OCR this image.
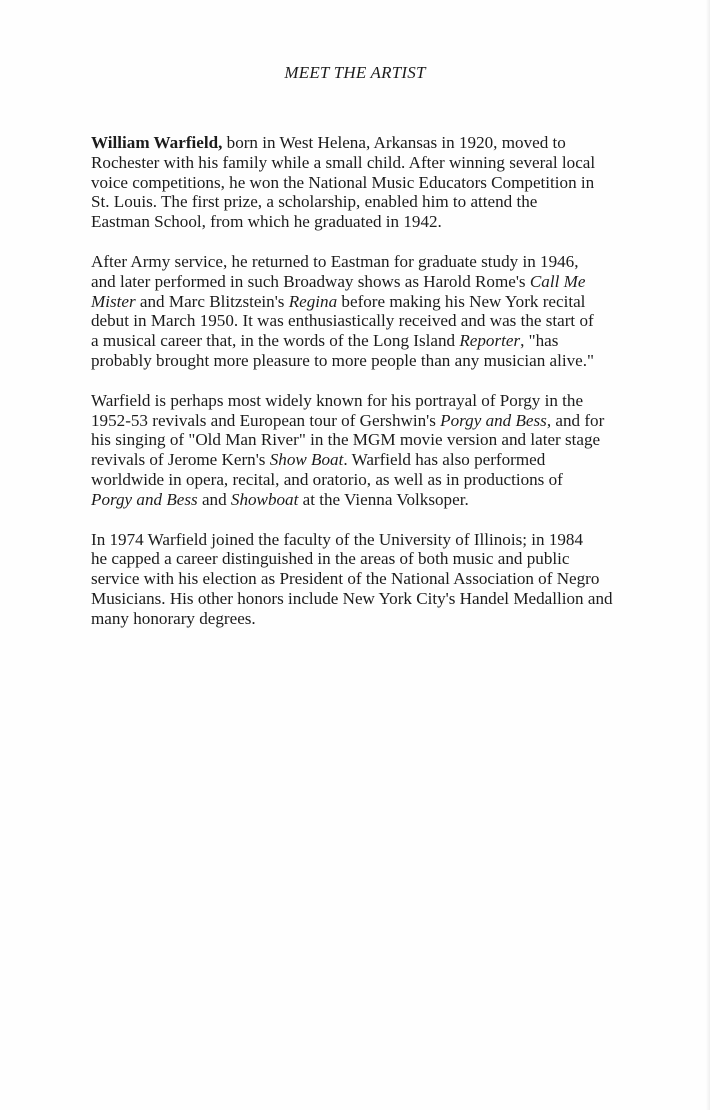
MEET THE ARTIST
William Warfield, born in West Helena, Arkansas in 1920, moved to
Rochester with his family while a small child. After winning several local
voice competitions, he won the National Music Educators Competition in
St. Louis. The first prize, a scholarship, enabled him to attend the
Eastman School, from which he graduated in 1942.
After Army service, he returned to Eastman for graduate study in 1946,
and later performed in such Broadway shows as Harold Rome's Call Me
Mister and Marc Blitzstein's Regina before making his New York recital
debut in March 1950. It was enthusiastically received and was the start of
a musical career that, in the words of the Long Island Reporter, "has
probably brought more pleasure to more people than any musician alive."
Warfield is perhaps most widely known for his portrayal of Porgy in the
1952-53 revivals and European tour of Gershwin's Porgy and Bess, and for
his singing of "Old Man River" in the MGM movie version and later stage
revivals of Jerome Kern's Show Boat. Warfield has also performed
worldwide in opera, recital, and oratorio, as well as in productions of
Porgy and Bess and Showboat at the Vienna Volksoper.
In 1974 Warfield joined the faculty of the University of Illinois; in 1984
he capped a career distinguished in the areas of both music and public
service with his election as President of the National Association of Negro
Musicians. His other honors include New York City's Handel Medallion and
many honorary degrees.
